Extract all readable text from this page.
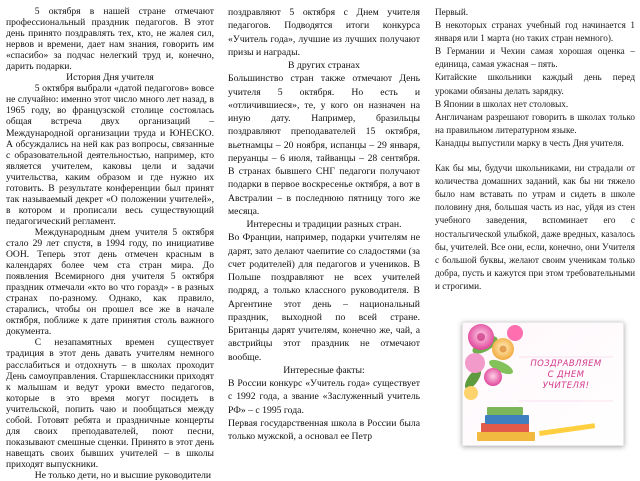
5 октября в нашей стране отмечают профессиональный праздник педагогов. В этот день принято поздравлять тех, кто, не жалея сил, нервов и времени, дает нам знания, говорить им «спасибо» за подчас нелегкий труд и, конечно, дарить подарки.

История Дня учителя

5 октября выбрали «датой педагогов» вовсе не случайно: именно этот число много лет назад, в 1965 году, во французской столице состоялась общая встреча двух организаций – Международной организации труда и ЮНЕСКО. А обсуждались на ней как раз вопросы, связанные с образовательной деятельностью, например, кто является учителем, каковы цели и задачи учительства, каким образом и где нужно их готовить. В результате конференции был принят так называемый декрет «О положении учителей», в котором и прописали весь существующий педагогический регламент.

Международным днем учителя 5 октября стало 29 лет спустя, в 1994 году, по инициативе ООН. Теперь этот день отмечен красным в календарях более чем ста стран мира. До появления Всемирного дня учителя 5 октября праздник отмечали «кто во что горазд» - в разных странах по-разному. Однако, как правило, старались, чтобы он прошел все же в начале октября, поближе к дате принятия столь важного документа.

С незапамятных времен существует традиция в этот день давать учителям немного расслабиться и отдохнуть – в школах проходит День самоуправления. Старшеклассники приходят к малышам и ведут уроки вместо педагогов, которые в это время могут посидеть в учительской, попить чаю и пообщаться между собой. Готовят ребята и праздничные концерты для своих преподавателей, поют песни, показывают смешные сценки. Принято в этот день навещать своих бывших учителей – в школы приходят выпускники.

Не только дети, но и высшие руководители

поздравляют 5 октября с Днем учителя педагогов. Подводятся итоги конкурса «Учитель года», лучшие из лучших получают призы и награды.

В других странах

Большинство стран также отмечают День учителя 5 октября. Но есть и «отличившиеся», те, у кого он назначен на иную дату. Например, бразильцы поздравляют преподавателей 15 октября, вьетнамцы – 20 ноября, испанцы – 29 января, перуанцы – 6 июля, тайванцы – 28 сентября. В странах бывшего СНГ педагоги получают подарки в первое воскресенье октября, а вот в Австралии – в последнюю пятницу того же месяца.

Интересны и традиции разных стран.

Во Франции, например, подарки учителям не дарят, зато делают чаепитие со сладостями (за счет родителей) для педагогов и учеников. В Польше поздравляют не всех учителей подряд, а только классного руководителя. В Аргентине этот день – национальный праздник, выходной по всей стране. Британцы дарят учителям, конечно же, чай, а австрийцы этот праздник не отмечают вообще.

Интересные факты:

В России конкурс «Учитель года» существует с 1992 года, а звание «Заслуженный учитель РФ» – с 1995 года.

Первая государственная школа в России была только мужской, а основал ее Петр

Первый.

В некоторых странах учебный год начинается 1 января или 1 марта (но таких стран немного).

В Германии и Чехии самая хорошая оценка – единица, самая ужасная – пять.

Китайские школьники каждый день перед уроками обязаны делать зарядку.

В Японии в школах нет столовых.

Англичанам разрешают говорить в школах только на правильном литературном языке.

Канадцы выпустили марку в честь Дня учителя.

Как бы мы, будучи школьниками, ни страдали от количества домашних заданий, как бы ни тяжело было нам вставать по утрам и сидеть в школе половину дня, большая часть из нас, уйдя из стен учебного заведения, вспоминает его с ностальгической улыбкой, даже вредных, казалось бы, учителей. Все они, если, конечно, они Учителя с большой буквы, желают своим ученикам только добра, пусть и кажутся при этом требовательными и строгими.

ПОЗДРАВЛЯЕМ
С ДНЕМ
УЧИТЕЛЯ!
